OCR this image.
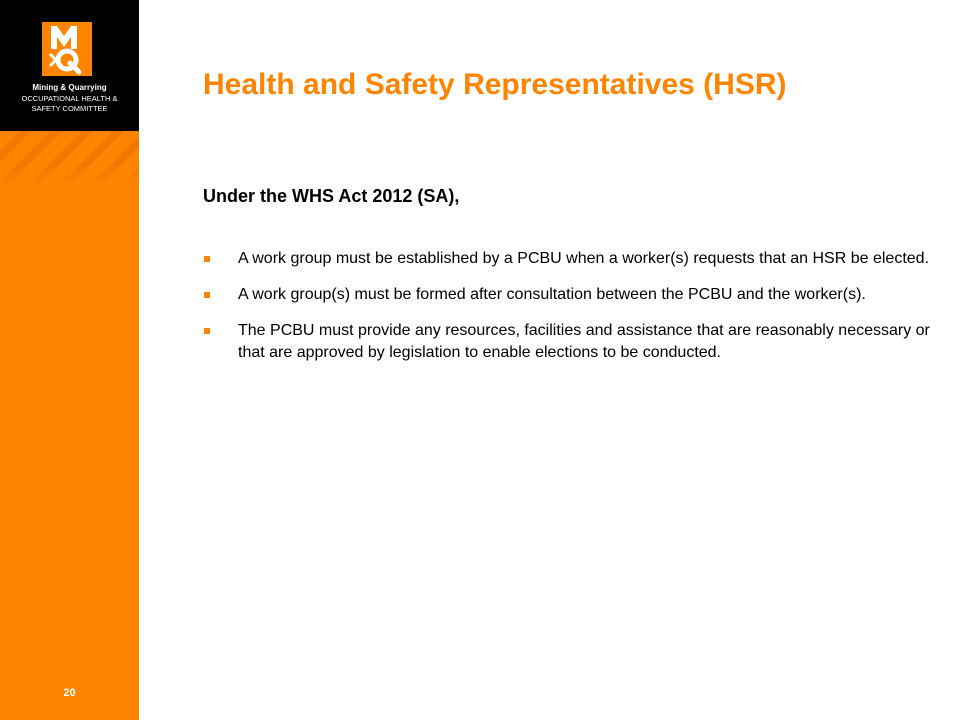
Mining & Quarrying
OCCUPATIONAL HEALTH &
SAFETY COMMITTEE
20
Health and Safety Representatives (HSR)
Under the WHS Act 2012 (SA),
A work group must be established by a PCBU when a worker(s) requests that an HSR be elected.
A work group(s) must be formed after consultation between the PCBU and the worker(s).
The PCBU must provide any resources, facilities and assistance that are reasonably necessary or that are approved by legislation to enable elections to be conducted.
